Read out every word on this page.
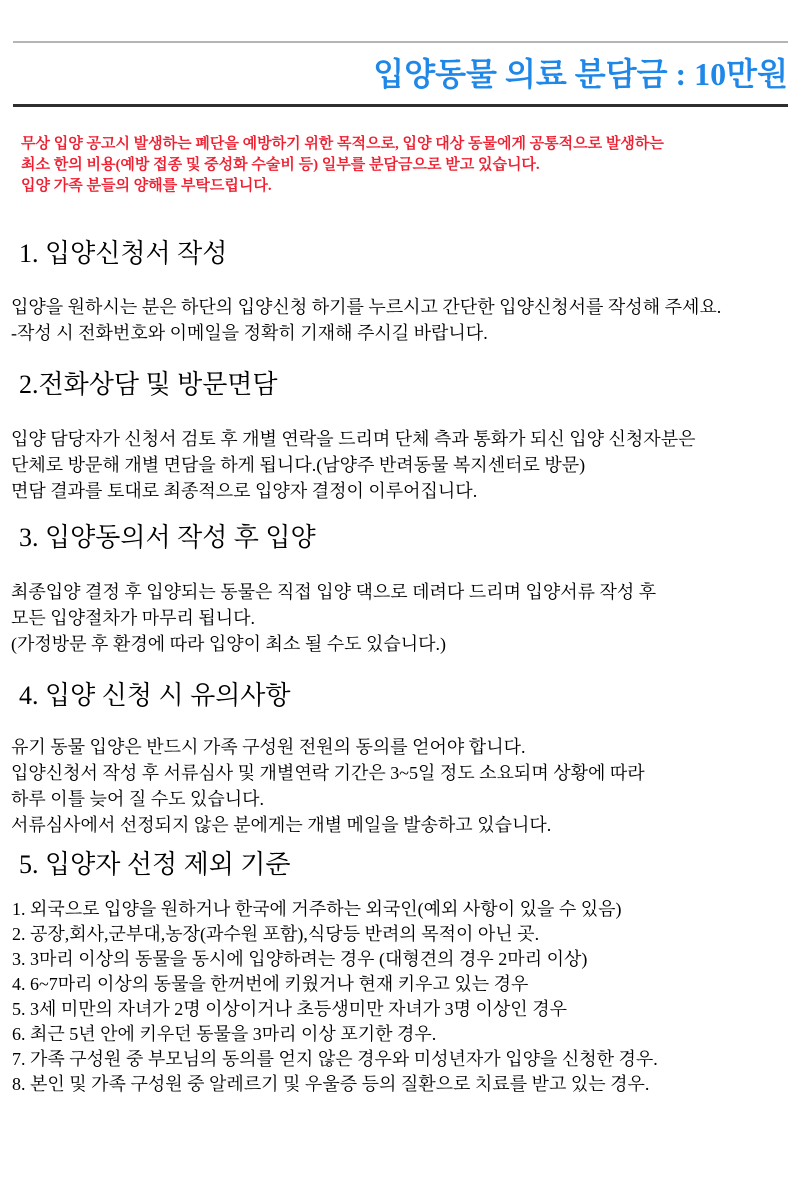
입양동물 의료 분담금 : 10만원
무상 입양 공고시 발생하는 폐단을 예방하기 위한 목적으로, 입양 대상 동물에게 공통적으로 발생하는
최소 한의 비용(예방 접종 및 중성화 수술비 등) 일부를 분담금으로 받고 있습니다.
입양 가족 분들의 양해를 부탁드립니다.
1. 입양신청서 작성
입양을 원하시는 분은 하단의 입양신청 하기를 누르시고 간단한 입양신청서를 작성해 주세요.
-작성 시 전화번호와 이메일을 정확히 기재해 주시길 바랍니다.
2.전화상담 및 방문면담
입양 담당자가 신청서 검토 후 개별 연락을 드리며 단체 측과 통화가 되신 입양 신청자분은
단체로 방문해 개별 면담을 하게 됩니다.(남양주 반려동물 복지센터로 방문)
면담 결과를 토대로 최종적으로 입양자 결정이 이루어집니다.
3. 입양동의서 작성 후 입양
최종입양 결정 후 입양되는 동물은 직접 입양 댁으로 데려다 드리며 입양서류 작성 후
모든 입양절차가 마무리 됩니다.
(가정방문 후 환경에 따라 입양이 최소 될 수도 있습니다.)
4. 입양 신청 시 유의사항
유기 동물 입양은 반드시 가족 구성원 전원의 동의를 얻어야 합니다.
입양신청서 작성 후 서류심사 및 개별연락 기간은 3~5일 정도 소요되며 상황에 따라
하루 이틀 늦어 질 수도 있습니다.
서류심사에서 선정되지 않은 분에게는 개별 메일을 발송하고 있습니다.
5. 입양자 선정 제외 기준
1. 외국으로 입양을 원하거나 한국에 거주하는 외국인(예외 사항이 있을 수 있음)
2. 공장,회사,군부대,농장(과수원 포함),식당등 반려의 목적이 아닌 곳.
3. 3마리 이상의 동물을 동시에 입양하려는 경우 (대형견의 경우 2마리 이상)
4. 6~7마리 이상의 동물을 한꺼번에 키웠거나 현재 키우고 있는 경우
5. 3세 미만의 자녀가 2명 이상이거나 초등생미만 자녀가 3명 이상인 경우
6. 최근 5년 안에 키우던 동물을 3마리 이상 포기한 경우.
7. 가족 구성원 중 부모님의 동의를 얻지 않은 경우와 미성년자가 입양을 신청한 경우.
8. 본인 및 가족 구성원 중 알레르기 및 우울증 등의 질환으로 치료를 받고 있는 경우.
